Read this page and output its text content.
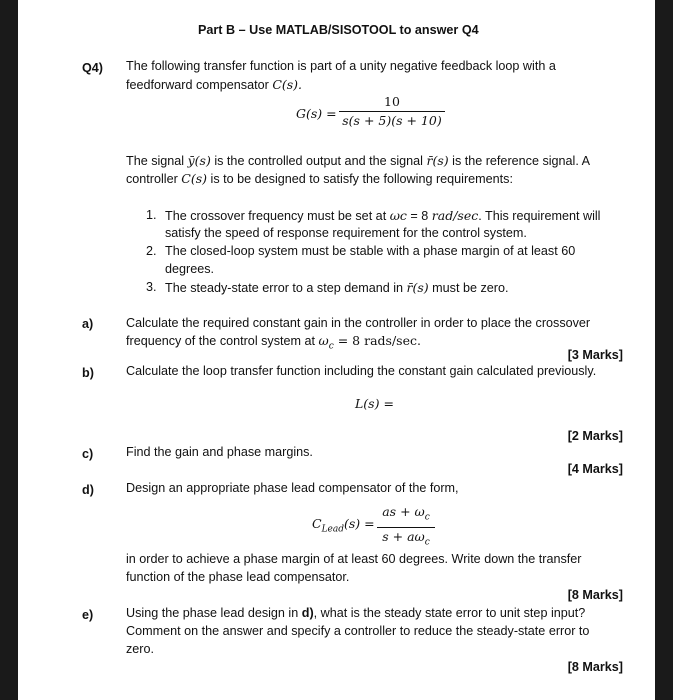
Part B – Use MATLAB/SISOTOOL to answer Q4
Q4) The following transfer function is part of a unity negative feedback loop with a
feedforward compensator C(s).
G(s) =
10
s(s + 5)(s + 10)
The signal ȳ(s) is the controlled output and the signal r̄(s) is the reference signal. A
controller C(s) is to be designed to satisfy the following requirements:
1. The crossover frequency must be set at ωc = 8 rad/sec. This requirement will
satisfy the speed of response requirement for the control system.
2. The closed-loop system must be stable with a phase margin of at least 60
degrees.
3. The steady-state error to a step demand in r̄(s) must be zero.
a)	Calculate the required constant gain in the controller in order to place the crossover
frequency of the control system at $\omega_c = 8$ rads/sec.
[3 Marks]
b)	Calculate the loop transfer function including the constant gain calculated previously.
L(s) =
[2 Marks]
c)	Find the gain and phase margins.
[4 Marks]
d)	Design an appropriate phase lead compensator of the form,
$C_{Lead}(s)$ =
as + $\omega_c$
$s + a\omega_c$
in order to achieve a phase margin of at least 60 degrees. Write down the transfer
function of the phase lead compensator.
[8 Marks]
e)	Using the phase lead design in d), what is the steady state error to unit step input?
Comment on the answer and specify a controller to reduce the steady-state error to
zero.
[8 Marks]
